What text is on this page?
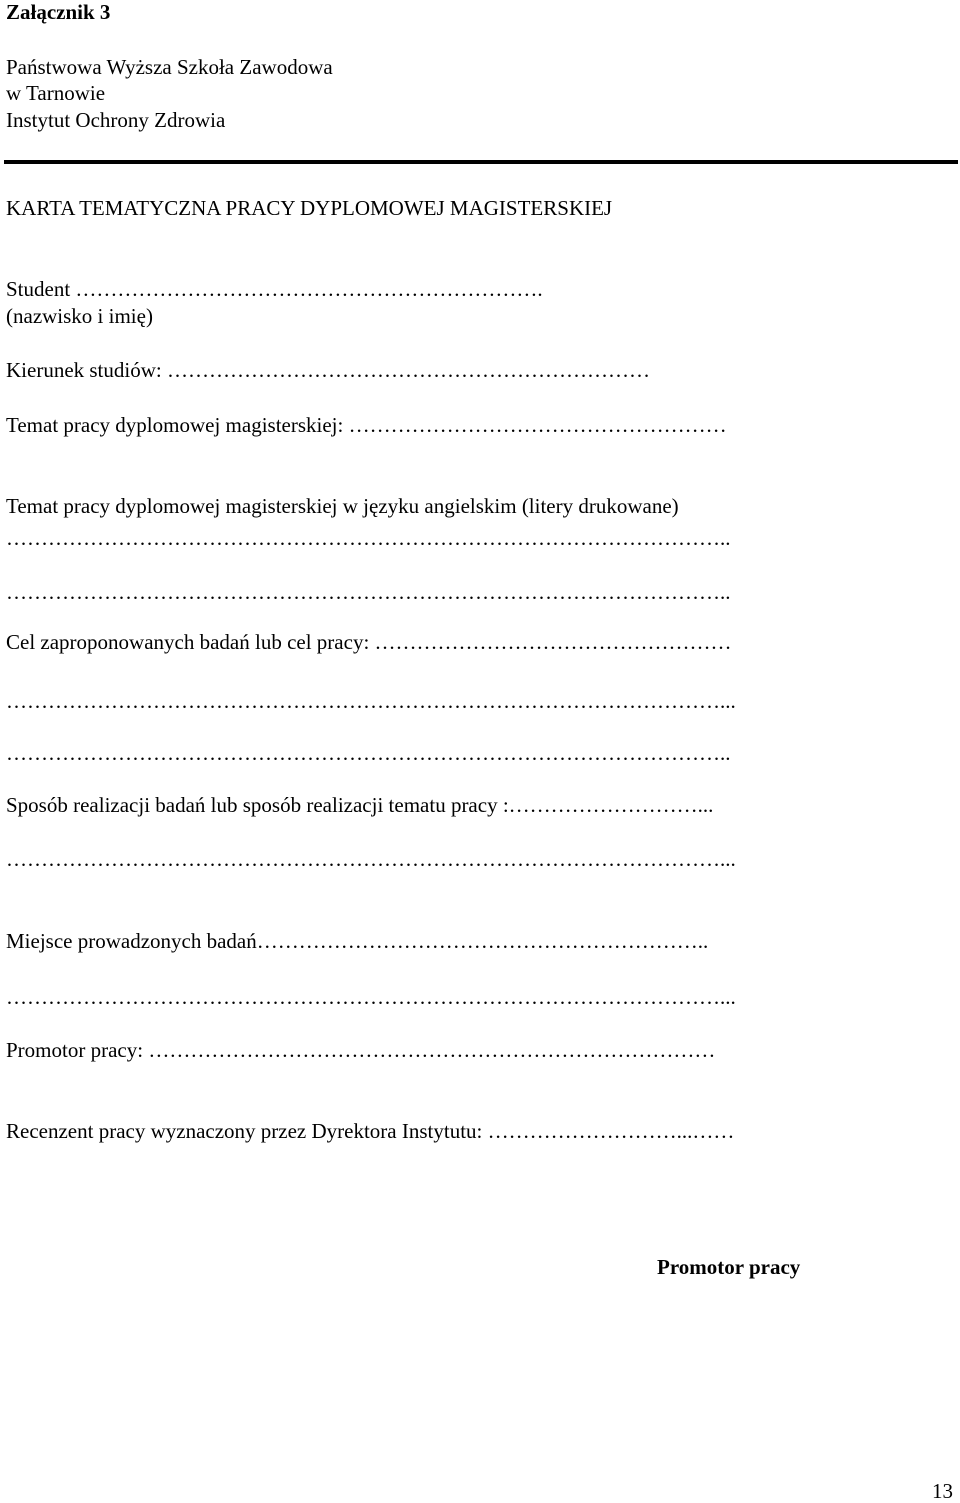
Załącznik 3
Państwowa Wyższa Szkoła Zawodowa
w Tarnowie
Instytut Ochrony Zdrowia
KARTA TEMATYCZNA PRACY DYPLOMOWEJ MAGISTERSKIEJ
Student ………………………………………………………….
(nazwisko i imię)
Kierunek studiów: ……………………………………………………………
Temat pracy dyplomowej magisterskiej: ………………………………………………
Temat pracy dyplomowej magisterskiej w języku angielskim (litery drukowane)
…………………………………………………………………………………………..
…………………………………………………………………………………………..
Cel zaproponowanych badań lub cel pracy: ……………………………………………
…………………………………………………………………………………………...
…………………………………………………………………………………………..
Sposób realizacji badań lub sposób realizacji tematu pracy :………………………...
…………………………………………………………………………………………...
Miejsce prowadzonych badań………………………………………………………..
…………………………………………………………………………………………...
Promotor pracy: ………………………………………………………………………
Recenzent pracy wyznaczony przez Dyrektora Instytutu: ………………………...……
Promotor pracy
13
